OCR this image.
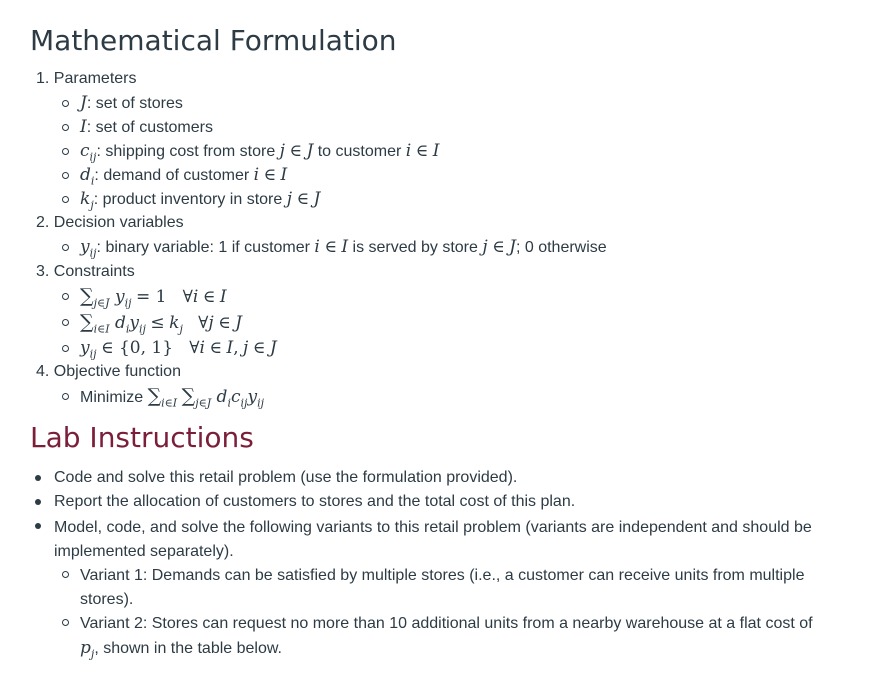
Mathematical Formulation
1. Parameters
J: set of stores
I: set of customers
$c_{ij}$: shipping cost from store j ∈ J to customer i ∈ I
$d_i$: demand of customer i ∈ I
$k_j$: product inventory in store j ∈ J
2. Decision variables
$y_{ij}$: binary variable: 1 if customer i ∈ I is served by store j ∈ J; 0 otherwise
3. Constraints
$\sum_{j\in J}$ $y_{ij} = 1$   ∀i ∈ I
$\sum_{i\in I}$ $d_iy_{ij} \le k_j$   ∀j ∈ J
$y_{ij}$ ∈ {0, 1}   ∀i ∈ I, j ∈ J
4. Objective function
Minimize $\sum_{i\in I}$ $\sum_{j\in J}$ $d_ic_{ij}y_{ij}$
Lab Instructions
Code and solve this retail problem (use the formulation provided).
Report the allocation of customers to stores and the total cost of this plan.
Model, code, and solve the following variants to this retail problem (variants are independent and should be implemented separately).
Variant 1: Demands can be satisfied by multiple stores (i.e., a customer can receive units from multiple stores).
Variant 2: Stores can request no more than 10 additional units from a nearby warehouse at a flat cost of $p_j$, shown in the table below.
